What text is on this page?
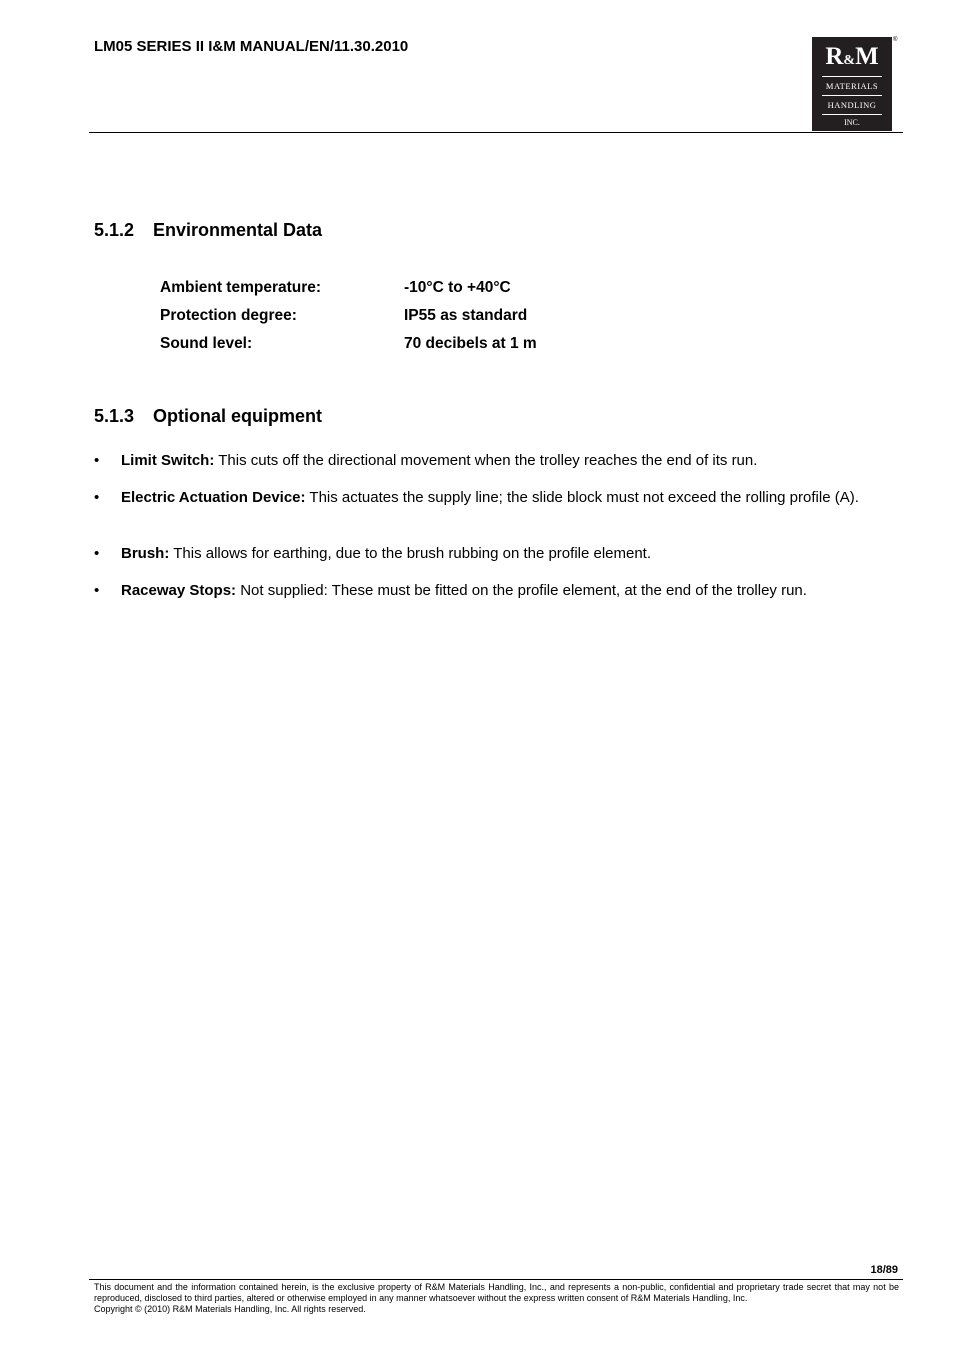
LM05 SERIES II I&M MANUAL/EN/11.30.2010	R&M
MATERIALS
HANDLING
INC.
®
5.1.2 Environmental Data
Ambient temperature:	-10°C to +40°C
Protection degree:	IP55 as standard
Sound level:	70 decibels at 1 m
5.1.3 Optional equipment
• Limit Switch: This cuts off the directional movement when the trolley reaches the end of its run.
• Electric Actuation Device: This actuates the supply line; the slide block must not exceed the rolling profile (A).
• Brush: This allows for earthing, due to the brush rubbing on the profile element.
• Raceway Stops: Not supplied: These must be fitted on the profile element, at the end of the trolley run.
18/89
This document and the information contained herein, is the exclusive property of R&M Materials Handling, Inc., and represents a non-public, confidential and proprietary trade secret that may not be reproduced, disclosed to third parties, altered or otherwise employed in any manner whatsoever without the express written consent of R&M Materials Handling, Inc.
Copyright © (2010) R&M Materials Handling, Inc. All rights reserved.
